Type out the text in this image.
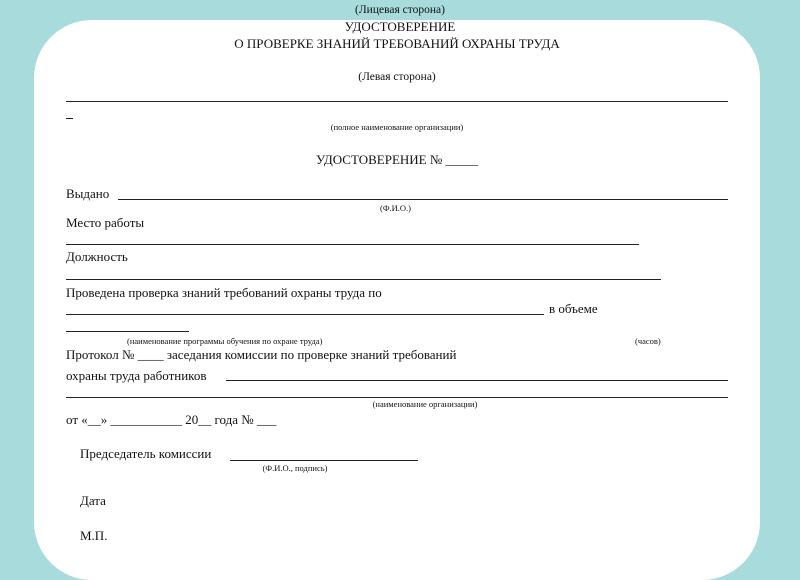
(Лицевая сторона)
УДОСТОВЕРЕНИЕ
О ПРОВЕРКЕ ЗНАНИЙ ТРЕБОВАНИЙ ОХРАНЫ ТРУДА
(Левая сторона)
(полное наименование организации)
УДОСТОВЕРЕНИЕ № _____
Выдано
(Ф.И.О.)
Место работы
Должность
Проведена проверка знаний требований охраны труда по
в объеме
(наименование программы обучения по охране труда)	(часов)
Протокол № ____ заседания комиссии по проверке знаний требований
охраны труда работников
(наименование организации)
от «__» ___________ 20__ года № ___
Председатель комиссии
(Ф.И.О., подпись)
Дата
М.П.
